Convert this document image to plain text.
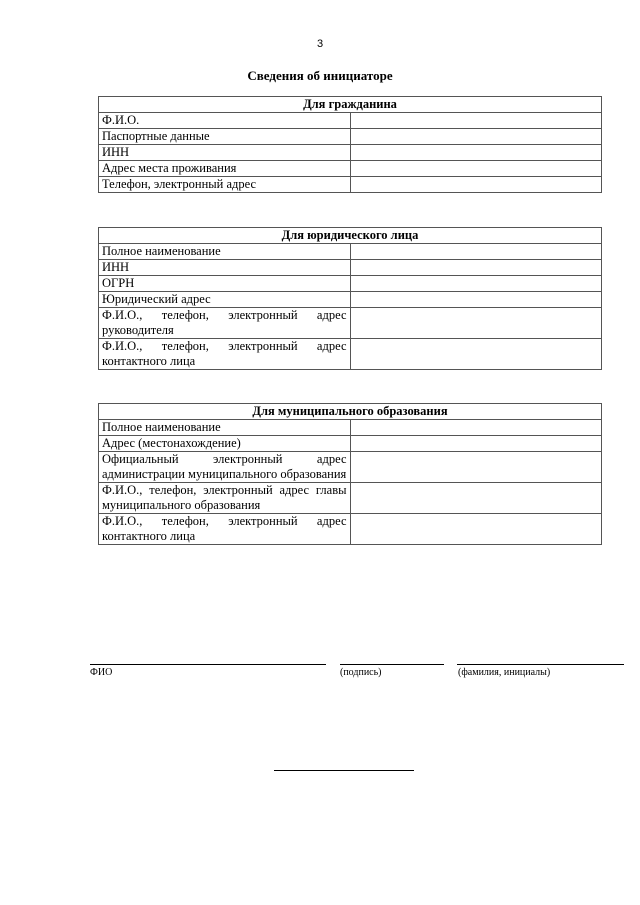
3
Сведения об инициаторе
Для гражданина	
Ф.И.О.	
Паспортные данные	
ИНН	
Адрес места проживания	
Телефон, электронный адрес	
Для юридического лица	
Полное наименование	
ИНН	
ОГРН	
Юридический адрес	
Ф.И.О., телефон, электронный адрес руководителя	
Ф.И.О., телефон, электронный адрес контактного лица	
Для муниципального образования	
Полное наименование	
Адрес (местонахождение)	
Официальный электронный адрес администрации муниципального образования	
Ф.И.О., телефон, электронный адрес главы муниципального образования	
Ф.И.О., телефон, электронный адрес контактного лица	
ФИО	(подпись)	(фамилия, инициалы)
